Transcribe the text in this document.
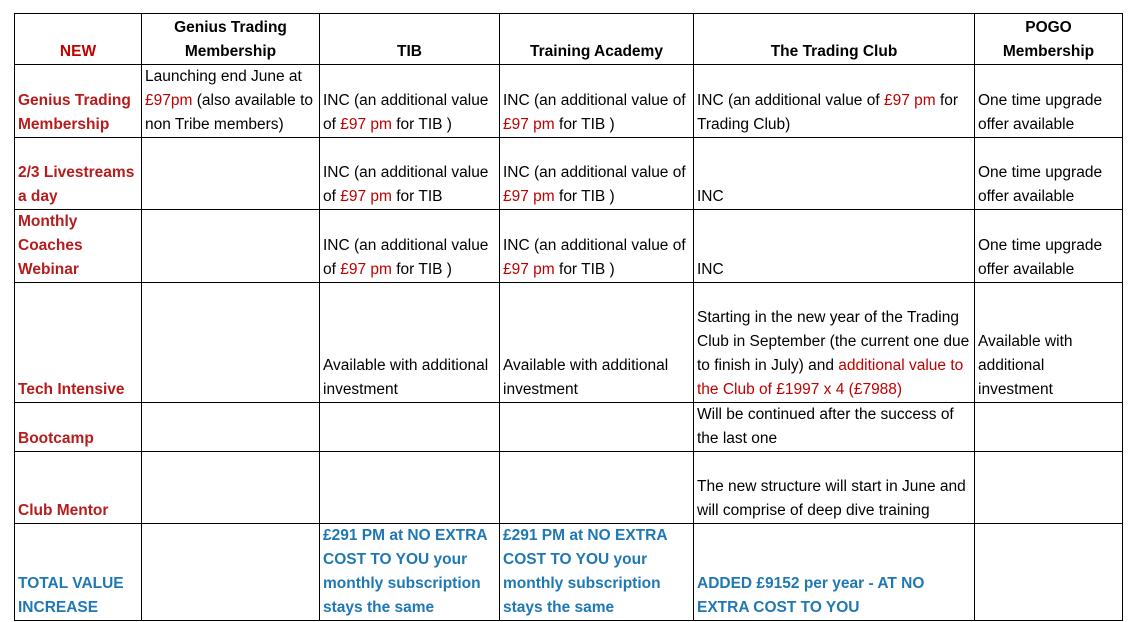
NEW	Genius Trading Membership	TIB	Training Academy	The Trading Club	POGO Membership
Genius Trading Membership	Launching end June at £97pm (also available to non Tribe members)	INC (an additional value of £97 pm for TIB )	INC (an additional value of £97 pm for TIB )	INC (an additional value of £97 pm for Trading Club)	One time upgrade offer available
2/3 Livestreams a day		INC (an additional value of £97 pm for TIB	INC (an additional value of £97 pm for TIB )	INC	One time upgrade offer available
Monthly Coaches Webinar		INC (an additional value of £97 pm for TIB )	INC (an additional value of £97 pm for TIB )	INC	One time upgrade offer available
Tech Intensive		Available with additional investment	Available with additional investment	Starting in the new year of the Trading Club in September (the current one due to finish in July) and additional value to the Club of £1997 x 4 (£7988)	Available with additional investment
Bootcamp				Will be continued after the success of the last one	
Club Mentor				The new structure will start in June and will comprise of deep dive training	
TOTAL VALUE INCREASE		£291 PM at NO EXTRA COST TO YOU your monthly subscription stays the same	£291 PM at NO EXTRA COST TO YOU your monthly subscription stays the same	ADDED £9152 per year - AT NO EXTRA COST TO YOU	
